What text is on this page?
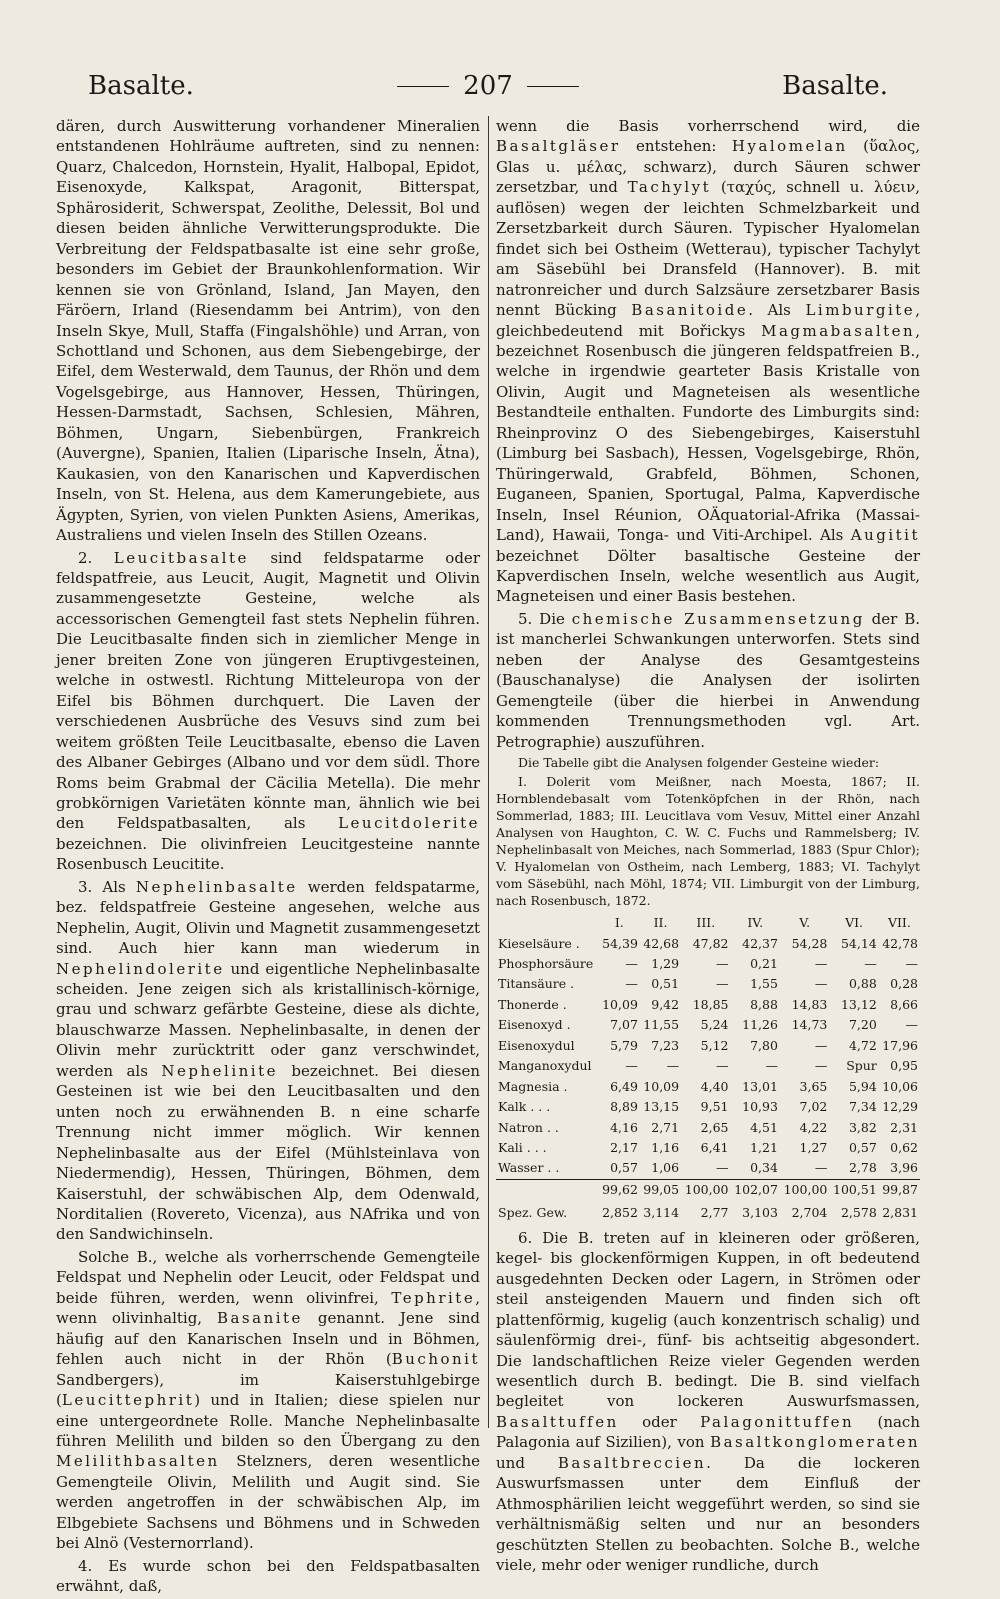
Basalte.	207	Basalte.

dären, durch Auswitterung vorhandener Mineralien entstandenen Hohlräume auftreten, sind zu nennen: Quarz, Chalcedon, Hornstein, Hyalit, Halbopal, Epidot, Eisenoxyde, Kalkspat, Aragonit, Bitterspat, Sphärosiderit, Schwerspat, Zeolithe, Delessit, Bol und diesen beiden ähnliche Verwitterungsprodukte. Die Verbreitung der Feldspatbasalte ist eine sehr große, besonders im Gebiet der Braunkohlenformation. Wir kennen sie von Grönland, Island, Jan Mayen, den Färöern, Irland (Riesendamm bei Antrim), von den Inseln Skye, Mull, Staffa (Fingalshöhle) und Arran, von Schottland und Schonen, aus dem Siebengebirge, der Eifel, dem Westerwald, dem Taunus, der Rhön und dem Vogelsgebirge, aus Hannover, Hessen, Thüringen, Hessen-Darmstadt, Sachsen, Schlesien, Mähren, Böhmen, Ungarn, Siebenbürgen, Frankreich (Auvergne), Spanien, Italien (Liparische Inseln, Ätna), Kaukasien, von den Kanarischen und Kapverdischen Inseln, von St. Helena, aus dem Kamerungebiete, aus Ägypten, Syrien, von vielen Punkten Asiens, Amerikas, Australiens und vielen Inseln des Stillen Ozeans.

2. Leucitbasalte sind feldspatarme oder feldspatfreie, aus Leucit, Augit, Magnetit und Olivin zusammengesetzte Gesteine, welche als accessorischen Gemengteil fast stets Nephelin führen. Die Leucitbasalte finden sich in ziemlicher Menge in jener breiten Zone von jüngeren Eruptivgesteinen, welche in ostwestl. Richtung Mitteleuropa von der Eifel bis Böhmen durchquert. Die Laven der verschiedenen Ausbrüche des Vesuvs sind zum bei weitem größten Teile Leucitbasalte, ebenso die Laven des Albaner Gebirges (Albano und vor dem südl. Thore Roms beim Grabmal der Cäcilia Metella). Die mehr grobkörnigen Varietäten könnte man, ähnlich wie bei den Feldspatbasalten, als Leucitdolerite bezeichnen. Die olivinfreien Leucitgesteine nannte Rosenbusch Leucitite.

3. Als Nephelinbasalte werden feldspatarme, bez. feldspatfreie Gesteine angesehen, welche aus Nephelin, Augit, Olivin und Magnetit zusammengesetzt sind. Auch hier kann man wiederum in Nephelindolerite und eigentliche Nephelinbasalte scheiden. Jene zeigen sich als kristallinisch-körnige, grau und schwarz gefärbte Gesteine, diese als dichte, blauschwarze Massen. Nephelinbasalte, in denen der Olivin mehr zurücktritt oder ganz verschwindet, werden als Nephelinite bezeichnet. Bei diesen Gesteinen ist wie bei den Leucitbasalten und den unten noch zu erwähnenden B. n eine scharfe Trennung nicht immer möglich. Wir kennen Nephelinbasalte aus der Eifel (Mühlsteinlava von Niedermendig), Hessen, Thüringen, Böhmen, dem Kaiserstuhl, der schwäbischen Alp, dem Odenwald, Norditalien (Rovereto, Vicenza), aus NAfrika und von den Sandwichinseln.

Solche B., welche als vorherrschende Gemengteile Feldspat und Nephelin oder Leucit, oder Feldspat und beide führen, werden, wenn olivinfrei, Tephrite, wenn olivinhaltig, Basanite genannt. Jene sind häufig auf den Kanarischen Inseln und in Böhmen, fehlen auch nicht in der Rhön (Buchonit Sandbergers), im Kaiserstuhlgebirge (Leucittephrit) und in Italien; diese spielen nur eine untergeordnete Rolle. Manche Nephelinbasalte führen Melilith und bilden so den Übergang zu den Melilithbasalten Stelzners, deren wesentliche Gemengteile Olivin, Melilith und Augit sind. Sie werden angetroffen in der schwäbischen Alp, im Elbgebiete Sachsens und Böhmens und in Schweden bei Alnö (Vesternorrland).

4. Es wurde schon bei den Feldspatbasalten erwähnt, daß,

wenn die Basis vorherrschend wird, die Basaltgläser entstehen: Hyalomelan (ὕαλος, Glas u. μέλας, schwarz), durch Säuren schwer zersetzbar, und Tachylyt (ταχύς, schnell u. λύειν, auflösen) wegen der leichten Schmelzbarkeit und Zersetzbarkeit durch Säuren. Typischer Hyalomelan findet sich bei Ostheim (Wetterau), typischer Tachylyt am Säsebühl bei Dransfeld (Hannover). B. mit natronreicher und durch Salzsäure zersetzbarer Basis nennt Bücking Basanitoide. Als Limburgite, gleichbedeutend mit Bořickys Magmabasalten, bezeichnet Rosenbusch die jüngeren feldspatfreien B., welche in irgendwie gearteter Basis Kristalle von Olivin, Augit und Magneteisen als wesentliche Bestandteile enthalten. Fundorte des Limburgits sind: Rheinprovinz O des Siebengebirges, Kaiserstuhl (Limburg bei Sasbach), Hessen, Vogelsgebirge, Rhön, Thüringerwald, Grabfeld, Böhmen, Schonen, Euganeen, Spanien, Sportugal, Palma, Kapverdische Inseln, Insel Réunion, OÄquatorial-Afrika (Massai-Land), Hawaii, Tonga- und Viti-Archipel. Als Augitit bezeichnet Dölter basaltische Gesteine der Kapverdischen Inseln, welche wesentlich aus Augit, Magneteisen und einer Basis bestehen.

5. Die chemische Zusammensetzung der B. ist mancherlei Schwankungen unterworfen. Stets sind neben der Analyse des Gesamtgesteins (Bauschanalyse) die Analysen der isolirten Gemengteile (über die hierbei in Anwendung kommenden Trennungsmethoden vgl. Art. Petrographie) auszuführen.

Die Tabelle gibt die Analysen folgender Gesteine wieder:

I. Dolerit vom Meißner, nach Moesta, 1867; II. Hornblendebasalt vom Totenköpfchen in der Rhön, nach Sommerlad, 1883; III. Leucitlava vom Vesuv, Mittel einer Anzahl Analysen von Haughton, C. W. C. Fuchs und Rammelsberg; IV. Nephelinbasalt von Meiches, nach Sommerlad, 1883 (Spur Chlor); V. Hyalomelan von Ostheim, nach Lemberg, 1883; VI. Tachylyt vom Säsebühl, nach Möhl, 1874; VII. Limburgit von der Limburg, nach Rosenbusch, 1872.

	I.	II.	III.	IV.	V.	VI.	VII.
Kieselsäure .	54,39	42,68	47,82	42,37	54,28	54,14	42,78
Phosphorsäure	—	1,29	—	0,21	—	—	—
Titansäure .	—	0,51	—	1,55	—	0,88	0,28
Thonerde .	10,09	9,42	18,85	8,88	14,83	13,12	8,66
Eisenoxyd .	7,07	11,55	5,24	11,26	14,73	7,20	—
Eisenoxydul	5,79	7,23	5,12	7,80	—	4,72	17,96
Manganoxydul	—	—	—	—	—	Spur	0,95
Magnesia .	6,49	10,09	4,40	13,01	3,65	5,94	10,06
Kalk . . .	8,89	13,15	9,51	10,93	7,02	7,34	12,29
Natron . .	4,16	2,71	2,65	4,51	4,22	3,82	2,31
Kali . . .	2,17	1,16	6,41	1,21	1,27	0,57	0,62
Wasser . .	0,57	1,06	—	0,34	—	2,78	3,96
	99,62	99,05	100,00	102,07	100,00	100,51	99,87
Spez. Gew.	2,852	3,114	2,77	3,103	2,704	2,578	2,831

6. Die B. treten auf in kleineren oder größeren, kegel- bis glockenförmigen Kuppen, in oft bedeutend ausgedehnten Decken oder Lagern, in Strömen oder steil ansteigenden Mauern und finden sich oft plattenförmig, kugelig (auch konzentrisch schalig) und säulenförmig drei-, fünf- bis achtseitig abgesondert. Die landschaftlichen Reize vieler Gegenden werden wesentlich durch B. bedingt. Die B. sind vielfach begleitet von lockeren Auswurfsmassen, Basalttuffen oder Palagonittuffen (nach Palagonia auf Sizilien), von Basaltkonglomeraten und Basaltbreccien. Da die lockeren Auswurfsmassen unter dem Einfluß der Athmosphärilien leicht weggeführt werden, so sind sie verhältnismäßig selten und nur an besonders geschützten Stellen zu beobachten. Solche B., welche viele, mehr oder weniger rundliche, durch
